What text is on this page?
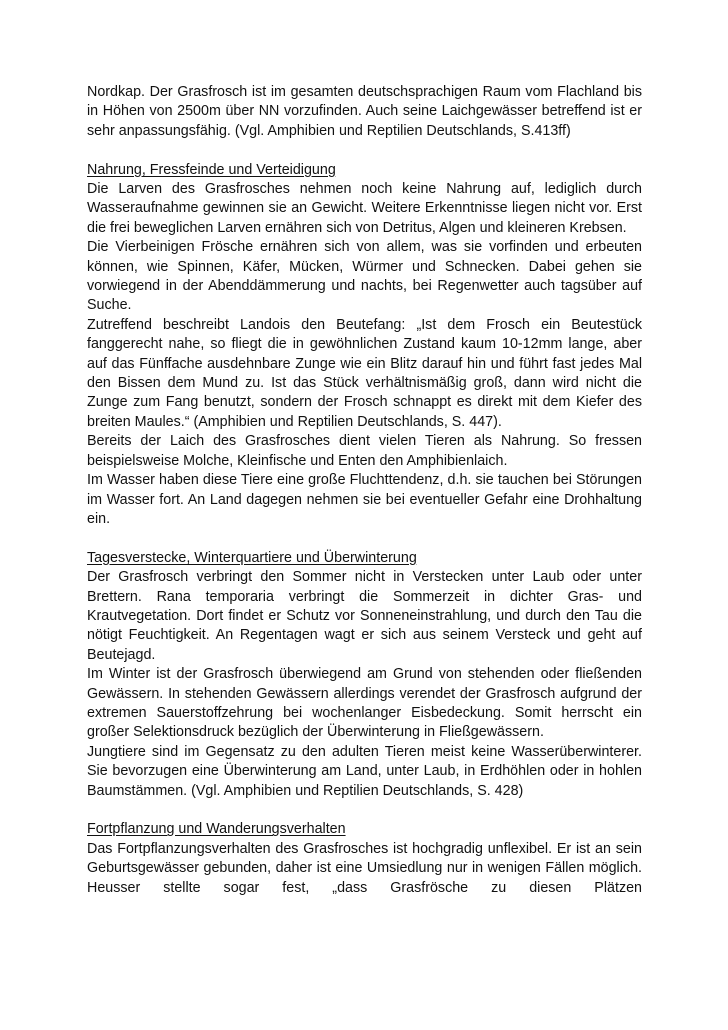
Nordkap. Der Grasfrosch ist im gesamten deutschsprachigen Raum vom Flachland bis in Höhen von 2500m über NN vorzufinden. Auch seine Laichgewässer betreffend ist er sehr anpassungsfähig. (Vgl. Amphibien und Reptilien Deutschlands, S.413ff)

Nahrung, Fressfeinde und Verteidigung

Die Larven des Grasfrosches nehmen noch keine Nahrung auf, lediglich durch Wasseraufnahme gewinnen sie an Gewicht. Weitere Erkenntnisse liegen nicht vor. Erst die frei beweglichen Larven ernähren sich von Detritus, Algen und kleineren Krebsen.

Die Vierbeinigen Frösche ernähren sich von allem, was sie vorfinden und erbeuten können, wie Spinnen, Käfer, Mücken, Würmer und Schnecken. Dabei gehen sie vorwiegend in der Abenddämmerung und nachts, bei Regenwetter auch tagsüber auf Suche.

Zutreffend beschreibt Landois den Beutefang: „Ist dem Frosch ein Beutestück fanggerecht nahe, so fliegt die in gewöhnlichen Zustand kaum 10-12mm lange, aber auf das Fünffache ausdehnbare Zunge wie ein Blitz darauf hin und führt fast jedes Mal den Bissen dem Mund zu. Ist das Stück verhältnismäßig groß, dann wird nicht die Zunge zum Fang benutzt, sondern der Frosch schnappt es direkt mit dem Kiefer des breiten Maules.“ (Amphibien und Reptilien Deutschlands, S. 447).

Bereits der Laich des Grasfrosches dient vielen Tieren als Nahrung. So fressen beispielsweise Molche, Kleinfische und Enten den Amphibienlaich.

Im Wasser haben diese Tiere eine große Fluchttendenz, d.h. sie tauchen bei Störungen im Wasser fort. An Land dagegen nehmen sie bei eventueller Gefahr eine Drohhaltung ein.

Tagesverstecke, Winterquartiere und Überwinterung

Der Grasfrosch verbringt den Sommer nicht in Verstecken unter Laub oder unter Brettern. Rana temporaria verbringt die Sommerzeit in dichter Gras- und Krautvegetation. Dort findet er Schutz vor Sonneneinstrahlung, und durch den Tau die nötigt Feuchtigkeit. An Regentagen wagt er sich aus seinem Versteck und geht auf Beutejagd.

Im Winter ist der Grasfrosch überwiegend am Grund von stehenden oder fließenden Gewässern. In stehenden Gewässern allerdings verendet der Grasfrosch aufgrund der extremen Sauerstoffzehrung bei wochenlanger Eisbedeckung. Somit herrscht ein großer Selektionsdruck bezüglich der Überwinterung in Fließgewässern.

Jungtiere sind im Gegensatz zu den adulten Tieren meist keine Wasserüberwinterer. Sie bevorzugen eine Überwinterung am Land, unter Laub, in Erdhöhlen oder in hohlen Baumstämmen. (Vgl. Amphibien und Reptilien Deutschlands, S. 428)

Fortpflanzung und Wanderungsverhalten

Das Fortpflanzungsverhalten des Grasfrosches ist hochgradig unflexibel. Er ist an sein Geburtsgewässer gebunden, daher ist eine Umsiedlung nur in wenigen Fällen möglich. Heusser stellte sogar fest, „dass Grasfrösche zu diesen Plätzen
